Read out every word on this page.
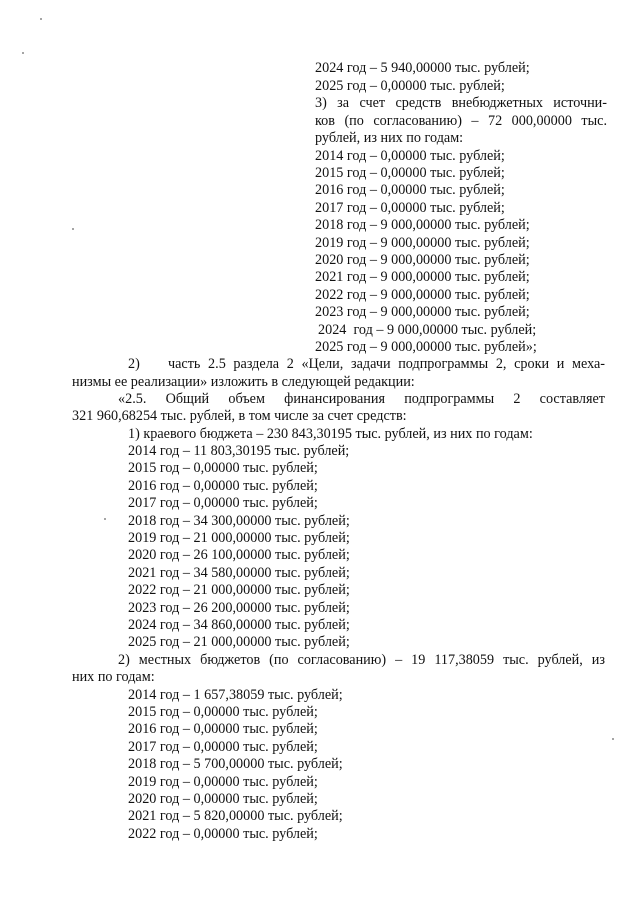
2024 год – 5 940,00000 тыс. рублей;
2025 год – 0,00000 тыс. рублей;
3) за счет средств внебюджетных источни-
ков (по согласованию) – 72 000,00000 тыс.
рублей, из них по годам:
2014 год – 0,00000 тыс. рублей;
2015 год – 0,00000 тыс. рублей;
2016 год – 0,00000 тыс. рублей;
2017 год – 0,00000 тыс. рублей;
2018 год – 9 000,00000 тыс. рублей;
2019 год – 9 000,00000 тыс. рублей;
2020 год – 9 000,00000 тыс. рублей;
2021 год – 9 000,00000 тыс. рублей;
2022 год – 9 000,00000 тыс. рублей;
2023 год – 9 000,00000 тыс. рублей;
2024  год – 9 000,00000 тыс. рублей;
2025 год – 9 000,00000 тыс. рублей»;
2) часть 2.5 раздела 2 «Цели, задачи подпрограммы 2, сроки и меха-
низмы ее реализации» изложить в следующей редакции:
«2.5. Общий объем финансирования подпрограммы 2 составляет
321 960,68254 тыс. рублей, в том числе за счет средств:
1) краевого бюджета – 230 843,30195 тыс. рублей, из них по годам:
2014 год – 11 803,30195 тыс. рублей;
2015 год – 0,00000 тыс. рублей;
2016 год – 0,00000 тыс. рублей;
2017 год – 0,00000 тыс. рублей;
2018 год – 34 300,00000 тыс. рублей;
2019 год – 21 000,00000 тыс. рублей;
2020 год – 26 100,00000 тыс. рублей;
2021 год – 34 580,00000 тыс. рублей;
2022 год – 21 000,00000 тыс. рублей;
2023 год – 26 200,00000 тыс. рублей;
2024 год – 34 860,00000 тыс. рублей;
2025 год – 21 000,00000 тыс. рублей;
2) местных бюджетов (по согласованию) – 19 117,38059 тыс. рублей, из
них по годам:
2014 год – 1 657,38059 тыс. рублей;
2015 год – 0,00000 тыс. рублей;
2016 год – 0,00000 тыс. рублей;
2017 год – 0,00000 тыс. рублей;
2018 год – 5 700,00000 тыс. рублей;
2019 год – 0,00000 тыс. рублей;
2020 год – 0,00000 тыс. рублей;
2021 год – 5 820,00000 тыс. рублей;
2022 год – 0,00000 тыс. рублей;
